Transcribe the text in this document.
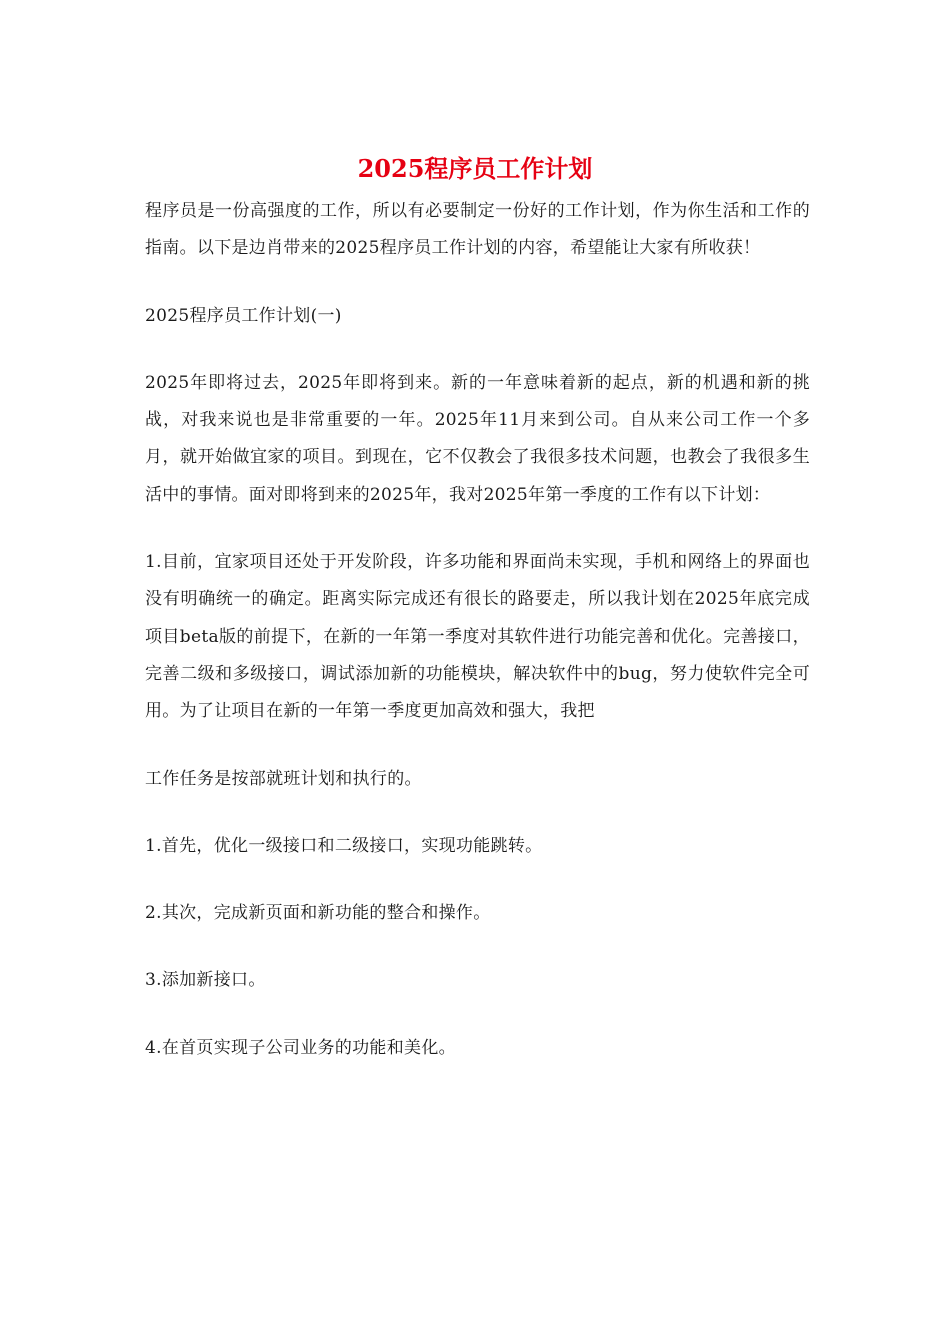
2025程序员工作计划

程序员是一份高强度的工作，所以有必要制定一份好的工作计划，作为你生活和工作的指南。以下是边肖带来的2025程序员工作计划的内容，希望能让大家有所收获！

2025程序员工作计划(一)

2025年即将过去，2025年即将到来。新的一年意味着新的起点，新的机遇和新的挑战，对我来说也是非常重要的一年。2025年11月来到公司。自从来公司工作一个多月，就开始做宜家的项目。到现在，它不仅教会了我很多技术问题，也教会了我很多生活中的事情。面对即将到来的2025年，我对2025年第一季度的工作有以下计划：

1.目前，宜家项目还处于开发阶段，许多功能和界面尚未实现，手机和网络上的界面也没有明确统一的确定。距离实际完成还有很长的路要走，所以我计划在2025年底完成项目beta版的前提下，在新的一年第一季度对其软件进行功能完善和优化。完善接口，完善二级和多级接口，调试添加新的功能模块，解决软件中的bug，努力使软件完全可用。为了让项目在新的一年第一季度更加高效和强大，我把

工作任务是按部就班计划和执行的。

1.首先，优化一级接口和二级接口，实现功能跳转。

2.其次，完成新页面和新功能的整合和操作。

3.添加新接口。

4.在首页实现子公司业务的功能和美化。
